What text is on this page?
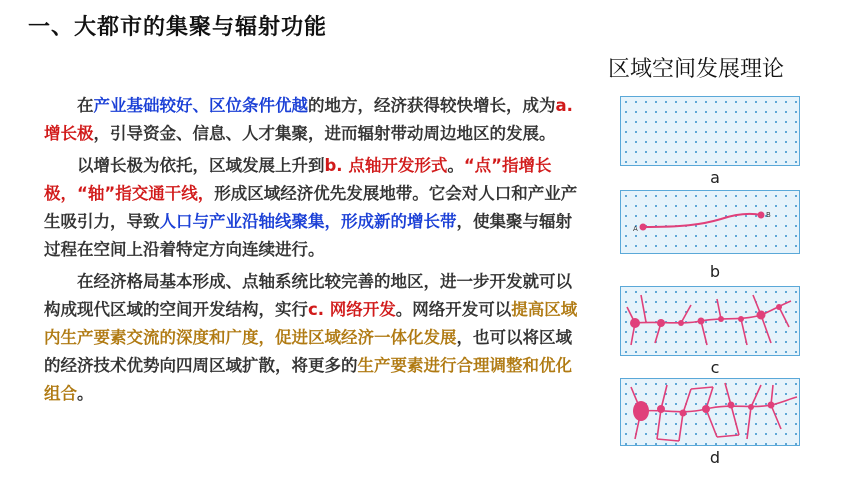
一、大都市的集聚与辐射功能
区域空间发展理论

在产业基础较好、区位条件优越的地方，经济获得较快增长，成为a. 增长极，引导资金、信息、人才集聚，进而辐射带动周边地区的发展。

以增长极为依托，区域发展上升到b. 点轴开发形式。“点”指增长极，“轴”指交通干线，形成区域经济优先发展地带。它会对人口和产业产生吸引力，导致人口与产业沿轴线聚集，形成新的增长带，使集聚与辐射过程在空间上沿着特定方向连续进行。

在经济格局基本形成、点轴系统比较完善的地区，进一步开发就可以构成现代区域的空间开发结构，实行c. 网络开发。网络开发可以提高区域内生产要素交流的深度和广度，促进区域经济一体化发展，也可以将区域的经济技术优势向四周区域扩散，将更多的生产要素进行合理调整和优化组合。

a
A
B
b
c
d
